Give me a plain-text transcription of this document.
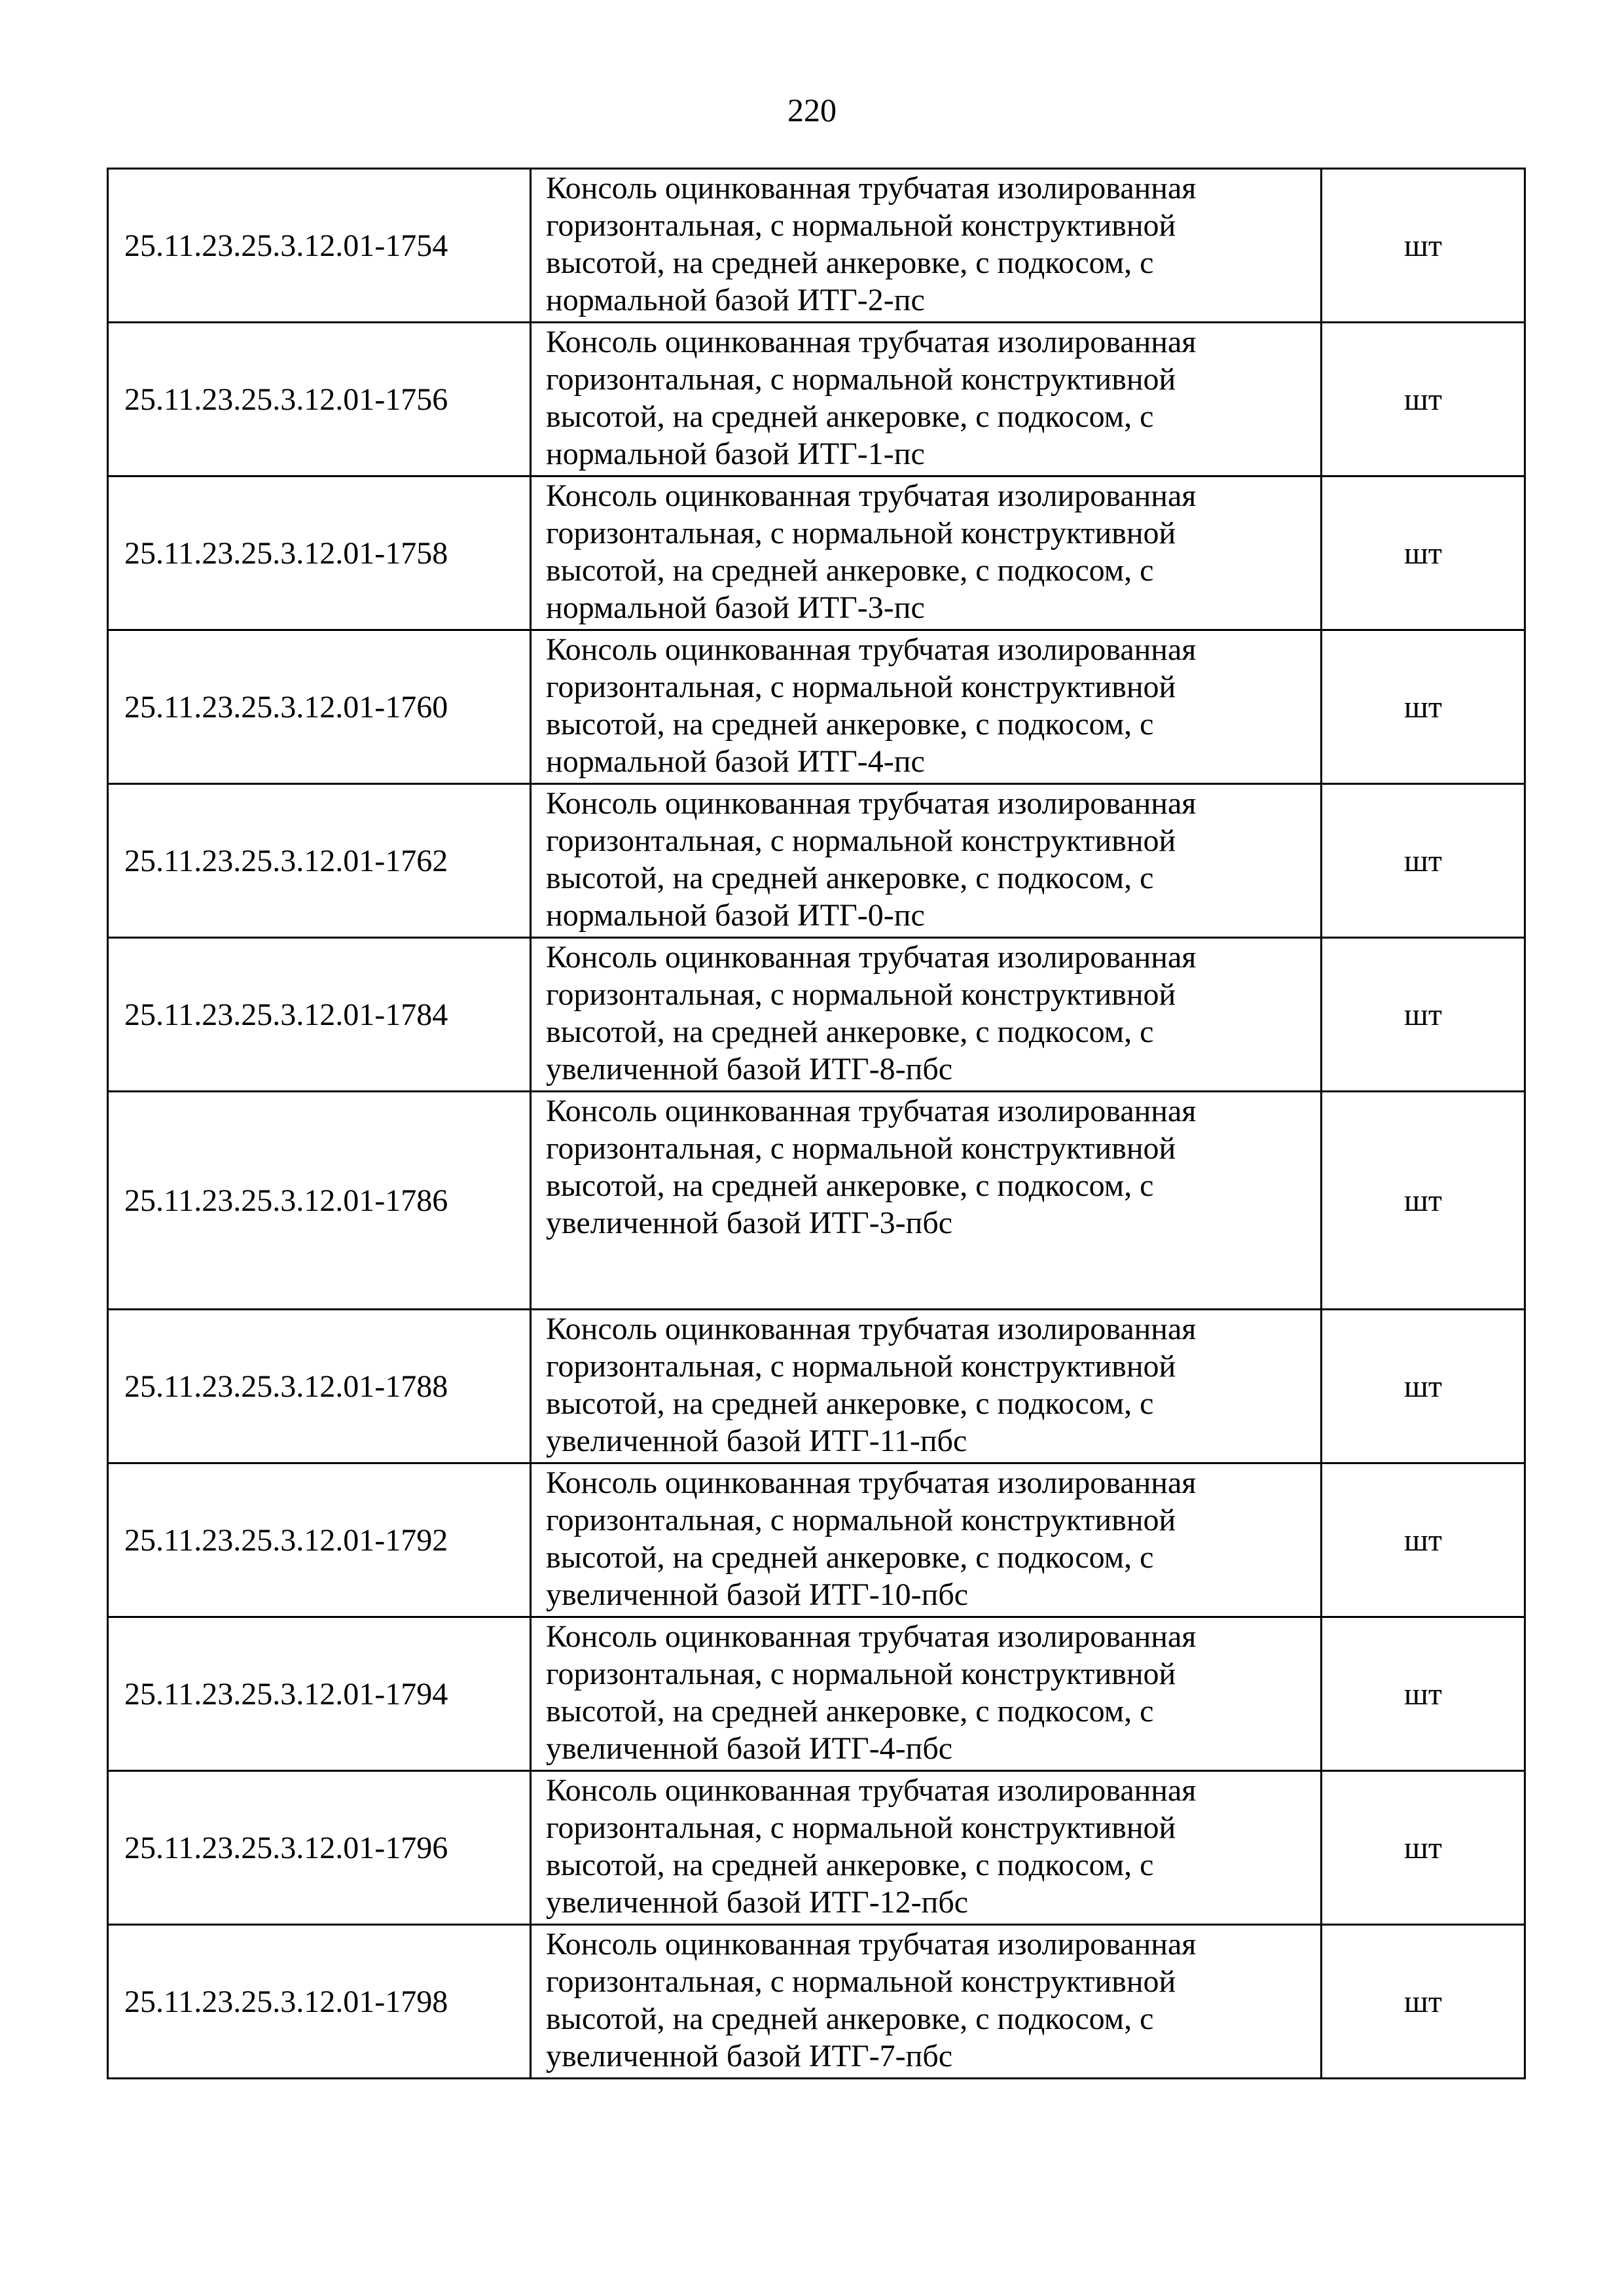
220
25.11.23.25.3.12.01-1754	Консоль оцинкованная трубчатая изолированная
горизонтальная, с нормальной конструктивной
высотой, на средней анкеровке, с подкосом, с
нормальной базой ИТГ-2-пс	шт
25.11.23.25.3.12.01-1756	Консоль оцинкованная трубчатая изолированная
горизонтальная, с нормальной конструктивной
высотой, на средней анкеровке, с подкосом, с
нормальной базой ИТГ-1-пс	шт
25.11.23.25.3.12.01-1758	Консоль оцинкованная трубчатая изолированная
горизонтальная, с нормальной конструктивной
высотой, на средней анкеровке, с подкосом, с
нормальной базой ИТГ-3-пс	шт
25.11.23.25.3.12.01-1760	Консоль оцинкованная трубчатая изолированная
горизонтальная, с нормальной конструктивной
высотой, на средней анкеровке, с подкосом, с
нормальной базой ИТГ-4-пс	шт
25.11.23.25.3.12.01-1762	Консоль оцинкованная трубчатая изолированная
горизонтальная, с нормальной конструктивной
высотой, на средней анкеровке, с подкосом, с
нормальной базой ИТГ-0-пс	шт
25.11.23.25.3.12.01-1784	Консоль оцинкованная трубчатая изолированная
горизонтальная, с нормальной конструктивной
высотой, на средней анкеровке, с подкосом, с
увеличенной базой ИТГ-8-пбс	шт
25.11.23.25.3.12.01-1786	Консоль оцинкованная трубчатая изолированная
горизонтальная, с нормальной конструктивной
высотой, на средней анкеровке, с подкосом, с
увеличенной базой ИТГ-3-пбс	шт
25.11.23.25.3.12.01-1788	Консоль оцинкованная трубчатая изолированная
горизонтальная, с нормальной конструктивной
высотой, на средней анкеровке, с подкосом, с
увеличенной базой ИТГ-11-пбс	шт
25.11.23.25.3.12.01-1792	Консоль оцинкованная трубчатая изолированная
горизонтальная, с нормальной конструктивной
высотой, на средней анкеровке, с подкосом, с
увеличенной базой ИТГ-10-пбс	шт
25.11.23.25.3.12.01-1794	Консоль оцинкованная трубчатая изолированная
горизонтальная, с нормальной конструктивной
высотой, на средней анкеровке, с подкосом, с
увеличенной базой ИТГ-4-пбс	шт
25.11.23.25.3.12.01-1796	Консоль оцинкованная трубчатая изолированная
горизонтальная, с нормальной конструктивной
высотой, на средней анкеровке, с подкосом, с
увеличенной базой ИТГ-12-пбс	шт
25.11.23.25.3.12.01-1798	Консоль оцинкованная трубчатая изолированная
горизонтальная, с нормальной конструктивной
высотой, на средней анкеровке, с подкосом, с
увеличенной базой ИТГ-7-пбс	шт
